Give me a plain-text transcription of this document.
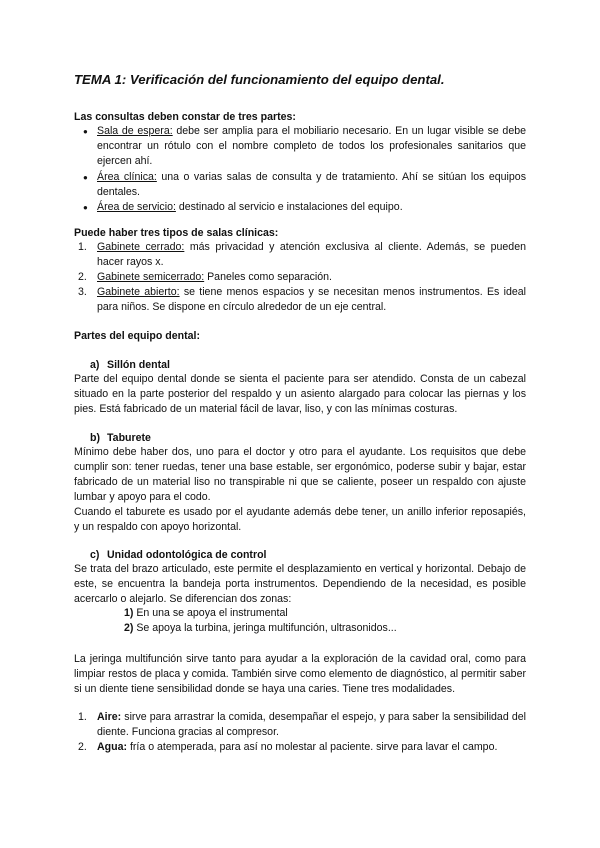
TEMA 1: Verificación del funcionamiento del equipo dental.
Las consultas deben constar de tres partes:
● Sala de espera: debe ser amplia para el mobiliario necesario. En un lugar visible se debe encontrar un rótulo con el nombre completo de todos los profesionales sanitarios que ejercen ahí.
● Área clínica: una o varias salas de consulta y de tratamiento. Ahí se sitúan los equipos dentales.
● Área de servicio: destinado al servicio e instalaciones del equipo.
Puede haber tres tipos de salas clínicas:
1. Gabinete cerrado: más privacidad y atención exclusiva al cliente. Además, se pueden hacer rayos x.
2. Gabinete semicerrado: Paneles como separación.
3. Gabinete abierto: se tiene menos espacios y se necesitan menos instrumentos. Es ideal para niños. Se dispone en círculo alrededor de un eje central.
Partes del equipo dental:
a) Sillón dental
Parte del equipo dental donde se sienta el paciente para ser atendido. Consta de un cabezal situado en la parte posterior del respaldo y un asiento alargado para colocar las piernas y los pies. Está fabricado de un material fácil de lavar, liso, y con las mínimas costuras.
b) Taburete
Mínimo debe haber dos, uno para el doctor y otro para el ayudante. Los requisitos que debe cumplir son: tener ruedas, tener una base estable, ser ergonómico, poderse subir y bajar, estar fabricado de un material liso no transpirable ni que se caliente, poseer un respaldo con ajuste lumbar y apoyo para el codo.
Cuando el taburete es usado por el ayudante además debe tener, un anillo inferior reposapiés, y un respaldo con apoyo horizontal.
c) Unidad odontológica de control
Se trata del brazo articulado, este permite el desplazamiento en vertical y horizontal. Debajo de este, se encuentra la bandeja porta instrumentos. Dependiendo de la necesidad, es posible acercarlo o alejarlo. Se diferencian dos zonas:
1) En una se apoya el instrumental
2) Se apoya la turbina, jeringa multifunción, ultrasonidos...
La jeringa multifunción sirve tanto para ayudar a la exploración de la cavidad oral, como para limpiar restos de placa y comida. También sirve como elemento de diagnóstico, al permitir saber si un diente tiene sensibilidad donde se haya una caries. Tiene tres modalidades.
1. Aire: sirve para arrastrar la comida, desempañar el espejo, y para saber la sensibilidad del diente. Funciona gracias al compresor.
2. Agua: fría o atemperada, para así no molestar al paciente. sirve para lavar el campo.
